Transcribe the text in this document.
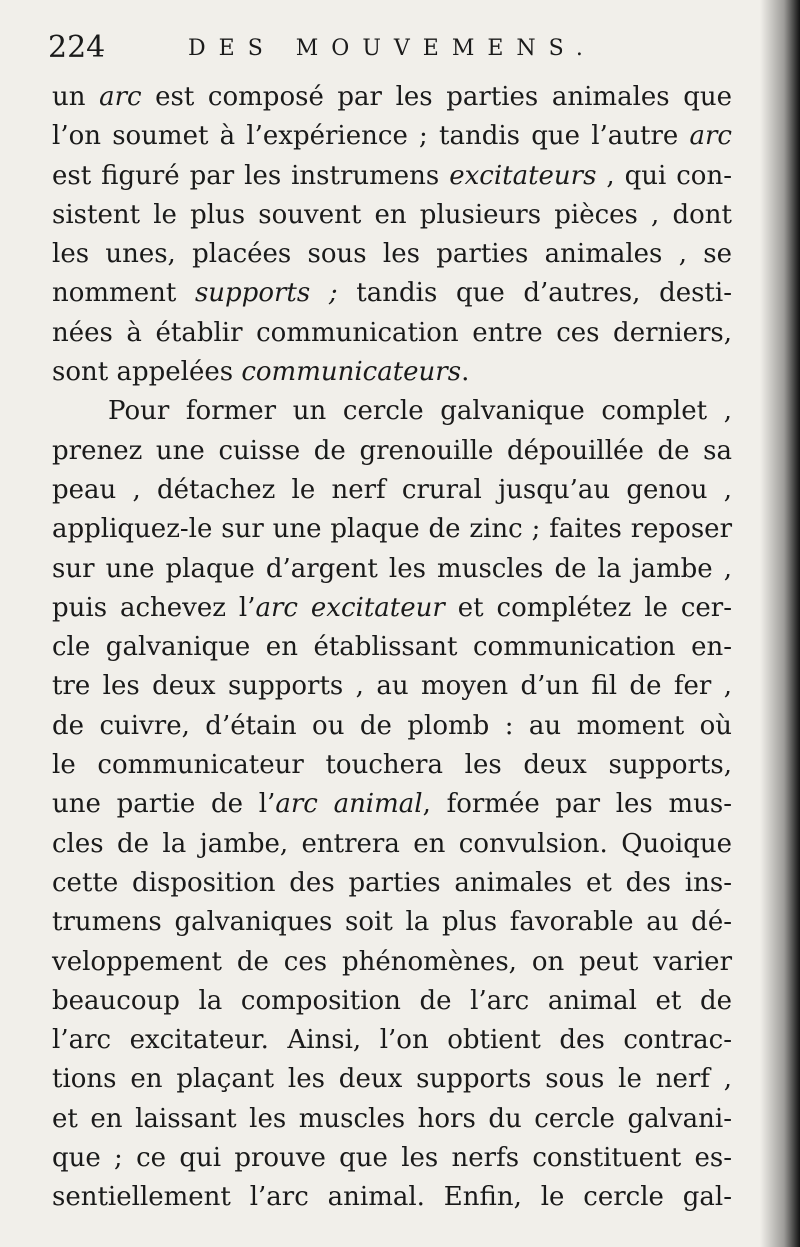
224	DES MOUVEMENS.
un arc est composé par les parties animales que
l’on soumet à l’expérience ; tandis que l’autre arc
est figuré par les instrumens excitateurs , qui con-
sistent le plus souvent en plusieurs pièces , dont
les unes, placées sous les parties animales , se
nomment supports ; tandis que d’autres, desti-
nées à établir communication entre ces derniers,
sont appelées communicateurs.
Pour former un cercle galvanique complet ,
prenez une cuisse de grenouille dépouillée de sa
peau , détachez le nerf crural jusqu’au genou ,
appliquez-le sur une plaque de zinc ; faites reposer
sur une plaque d’argent les muscles de la jambe ,
puis achevez l’arc excitateur et complétez le cer-
cle galvanique en établissant communication en-
tre les deux supports , au moyen d’un fil de fer ,
de cuivre, d’étain ou de plomb : au moment où
le communicateur touchera les deux supports,
une partie de l’arc animal, formée par les mus-
cles de la jambe, entrera en convulsion. Quoique
cette disposition des parties animales et des ins-
trumens galvaniques soit la plus favorable au dé-
veloppement de ces phénomènes, on peut varier
beaucoup la composition de l’arc animal et de
l’arc excitateur. Ainsi, l’on obtient des contrac-
tions en plaçant les deux supports sous le nerf ,
et en laissant les muscles hors du cercle galvani-
que ; ce qui prouve que les nerfs constituent es-
sentiellement l’arc animal. Enfin, le cercle gal-
